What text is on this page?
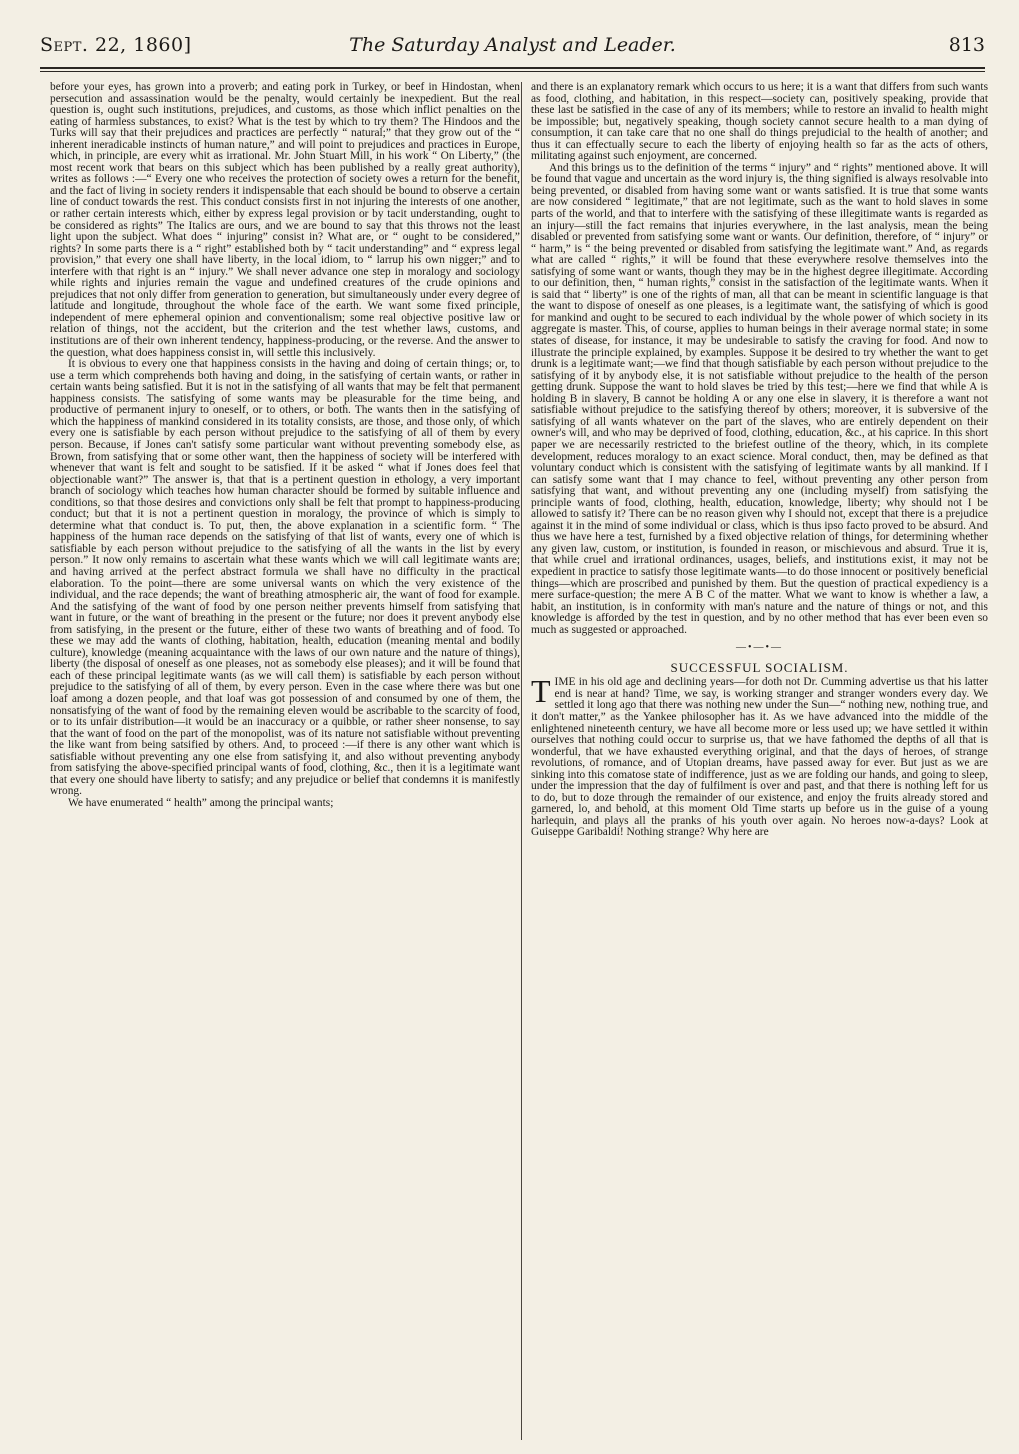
Sept. 22, 1860]	The Saturday Analyst and Leader.	813

before your eyes, has grown into a proverb; and eating pork in Turkey, or beef in Hindostan, when persecution and assassination would be the penalty, would certainly be inexpedient. But the real question is, ought such institutions, prejudices, and customs, as those which inflict penalties on the eating of harmless substances, to exist? What is the test by which to try them? The Hindoos and the Turks will say that their prejudices and practices are perfectly “ natural;” that they grow out of the “ inherent ineradicable instincts of human nature,” and will point to prejudices and practices in Europe, which, in principle, are every whit as irrational. Mr. John Stuart Mill, in his work “ On Liberty,” (the most recent work that bears on this subject which has been published by a really great authority), writes as follows :—“ Every one who receives the protection of society owes a return for the benefit, and the fact of living in society renders it indispensable that each should be bound to observe a certain line of conduct towards the rest. This conduct consists first in not injuring the interests of one another, or rather certain interests which, either by express legal provision or by tacit understanding, ought to be considered as rights” The Italics are ours, and we are bound to say that this throws not the least light upon the subject. What does “ injuring” consist in? What are, or “ ought to be considered,” rights? In some parts there is a “ right” established both by “ tacit understanding” and “ express legal provision,” that every one shall have liberty, in the local idiom, to “ larrup his own nigger;” and to interfere with that right is an “ injury.” We shall never advance one step in moralogy and sociology while rights and injuries remain the vague and undefined creatures of the crude opinions and prejudices that not only differ from generation to generation, but simultaneously under every degree of latitude and longitude, throughout the whole face of the earth. We want some fixed principle, independent of mere ephemeral opinion and conventionalism; some real objective positive law or relation of things, not the accident, but the criterion and the test whether laws, customs, and institutions are of their own inherent tendency, happiness-producing, or the reverse. And the answer to the question, what does happiness consist in, will settle this inclusively.

It is obvious to every one that happiness consists in the having and doing of certain things; or, to use a term which comprehends both having and doing, in the satisfying of certain wants, or rather in certain wants being satisfied. But it is not in the satisfying of all wants that may be felt that permanent happiness consists. The satisfying of some wants may be pleasurable for the time being, and productive of permanent injury to oneself, or to others, or both. The wants then in the satisfying of which the happiness of mankind considered in its totality consists, are those, and those only, of which every one is satisfiable by each person without prejudice to the satisfying of all of them by every person. Because, if Jones can't satisfy some particular want without preventing somebody else, as Brown, from satisfying that or some other want, then the happiness of society will be interfered with whenever that want is felt and sought to be satisfied. If it be asked “ what if Jones does feel that objectionable want?” The answer is, that that is a pertinent question in ethology, a very important branch of sociology which teaches how human character should be formed by suitable influence and conditions, so that those desires and convictions only shall be felt that prompt to happiness-producing conduct; but that it is not a pertinent question in moralogy, the province of which is simply to determine what that conduct is. To put, then, the above explanation in a scientific form. “ The happiness of the human race depends on the satisfying of that list of wants, every one of which is satisfiable by each person without prejudice to the satisfying of all the wants in the list by every person.” It now only remains to ascertain what these wants which we will call legitimate wants are; and having arrived at the perfect abstract formula we shall have no difficulty in the practical elaboration. To the point—there are some universal wants on which the very existence of the individual, and the race depends; the want of breathing atmospheric air, the want of food for example. And the satisfying of the want of food by one person neither prevents himself from satisfying that want in future, or the want of breathing in the present or the future; nor does it prevent anybody else from satisfying, in the present or the future, either of these two wants of breathing and of food. To these we may add the wants of clothing, habitation, health, education (meaning mental and bodily culture), knowledge (meaning acquaintance with the laws of our own nature and the nature of things), liberty (the disposal of oneself as one pleases, not as somebody else pleases); and it will be found that each of these principal legitimate wants (as we will call them) is satisfiable by each person without prejudice to the satisfying of all of them, by every person. Even in the case where there was but one loaf among a dozen people, and that loaf was got possession of and consumed by one of them, the nonsatisfying of the want of food by the remaining eleven would be ascribable to the scarcity of food, or to its unfair distribution—it would be an inaccuracy or a quibble, or rather sheer nonsense, to say that the want of food on the part of the monopolist, was of its nature not satisfiable without preventing the like want from being satsified by others. And, to proceed :—if there is any other want which is satisfiable without preventing any one else from satisfying it, and also without preventing anybody from satisfying the above-specified principal wants of food, clothing, &c., then it is a legitimate want that every one should have liberty to satisfy; and any prejudice or belief that condemns it is manifestly wrong.

We have enumerated “ health” among the principal wants;

and there is an explanatory remark which occurs to us here; it is a want that differs from such wants as food, clothing, and habitation, in this respect—society can, positively speaking, provide that these last be satisfied in the case of any of its members; while to restore an invalid to health might be impossible; but, negatively speaking, though society cannot secure health to a man dying of consumption, it can take care that no one shall do things prejudicial to the health of another; and thus it can effectually secure to each the liberty of enjoying health so far as the acts of others, militating against such enjoyment, are concerned.

And this brings us to the definition of the terms “ injury” and “ rights” mentioned above. It will be found that vague and uncertain as the word injury is, the thing signified is always resolvable into being prevented, or disabled from having some want or wants satisfied. It is true that some wants are now considered “ legitimate,” that are not legitimate, such as the want to hold slaves in some parts of the world, and that to interfere with the satisfying of these illegitimate wants is regarded as an injury—still the fact remains that injuries everywhere, in the last analysis, mean the being disabled or prevented from satisfying some want or wants. Our definition, therefore, of “ injury” or “ harm,” is “ the being prevented or disabled from satisfying the legitimate want.” And, as regards what are called “ rights,” it will be found that these everywhere resolve themselves into the satisfying of some want or wants, though they may be in the highest degree illegitimate. According to our definition, then, “ human rights,” consist in the satisfaction of the legitimate wants. When it is said that “ liberty” is one of the rights of man, all that can be meant in scientific language is that the want to dispose of oneself as one pleases, is a legitimate want, the satisfying of which is good for mankind and ought to be secured to each individual by the whole power of which society in its aggregate is master. This, of course, applies to human beings in their average normal state; in some states of disease, for instance, it may be undesirable to satisfy the craving for food. And now to illustrate the principle explained, by examples. Suppose it be desired to try whether the want to get drunk is a legitimate want;—we find that though satisfiable by each person without prejudice to the satisfying of it by anybody else, it is not satisfiable without prejudice to the health of the person getting drunk. Suppose the want to hold slaves be tried by this test;—here we find that while A is holding B in slavery, B cannot be holding A or any one else in slavery, it is therefore a want not satisfiable without prejudice to the satisfying thereof by others; moreover, it is subversive of the satisfying of all wants whatever on the part of the slaves, who are entirely dependent on their owner's will, and who may be deprived of food, clothing, education, &c., at his caprice. In this short paper we are necessarily restricted to the briefest outline of the theory, which, in its complete development, reduces moralogy to an exact science. Moral conduct, then, may be defined as that voluntary conduct which is consistent with the satisfying of legitimate wants by all mankind. If I can satisfy some want that I may chance to feel, without preventing any other person from satisfying that want, and without preventing any one (including myself) from satisfying the principle wants of food, clothing, health, education, knowledge, liberty; why should not I be allowed to satisfy it? There can be no reason given why I should not, except that there is a prejudice against it in the mind of some individual or class, which is thus ipso facto proved to be absurd. And thus we have here a test, furnished by a fixed objective relation of things, for determining whether any given law, custom, or institution, is founded in reason, or mischievous and absurd. True it is, that while cruel and irrational ordinances, usages, beliefs, and institutions exist, it may not be expedient in practice to satisfy those legitimate wants—to do those innocent or positively beneficial things—which are proscribed and punished by them. But the question of practical expediency is a mere surface-question; the mere A B C of the matter. What we want to know is whether a law, a habit, an institution, is in conformity with man's nature and the nature of things or not, and this knowledge is afforded by the test in question, and by no other method that has ever been even so much as suggested or approached.

—•—•—
SUCCESSFUL SOCIALISM.

TIME in his old age and declining years—for doth not Dr. Cumming advertise us that his latter end is near at hand? Time, we say, is working stranger and stranger wonders every day. We settled it long ago that there was nothing new under the Sun—“ nothing new, nothing true, and it don't matter,” as the Yankee philosopher has it. As we have advanced into the middle of the enlightened nineteenth century, we have all become more or less used up; we have settled it within ourselves that nothing could occur to surprise us, that we have fathomed the depths of all that is wonderful, that we have exhausted everything original, and that the days of heroes, of strange revolutions, of romance, and of Utopian dreams, have passed away for ever. But just as we are sinking into this comatose state of indifference, just as we are folding our hands, and going to sleep, under the impression that the day of fulfilment is over and past, and that there is nothing left for us to do, but to doze through the remainder of our existence, and enjoy the fruits already stored and garnered, lo, and behold, at this moment Old Time starts up before us in the guise of a young harlequin, and plays all the pranks of his youth over again. No heroes now-a-days? Look at Guiseppe Garibaldi! Nothing strange? Why here are
